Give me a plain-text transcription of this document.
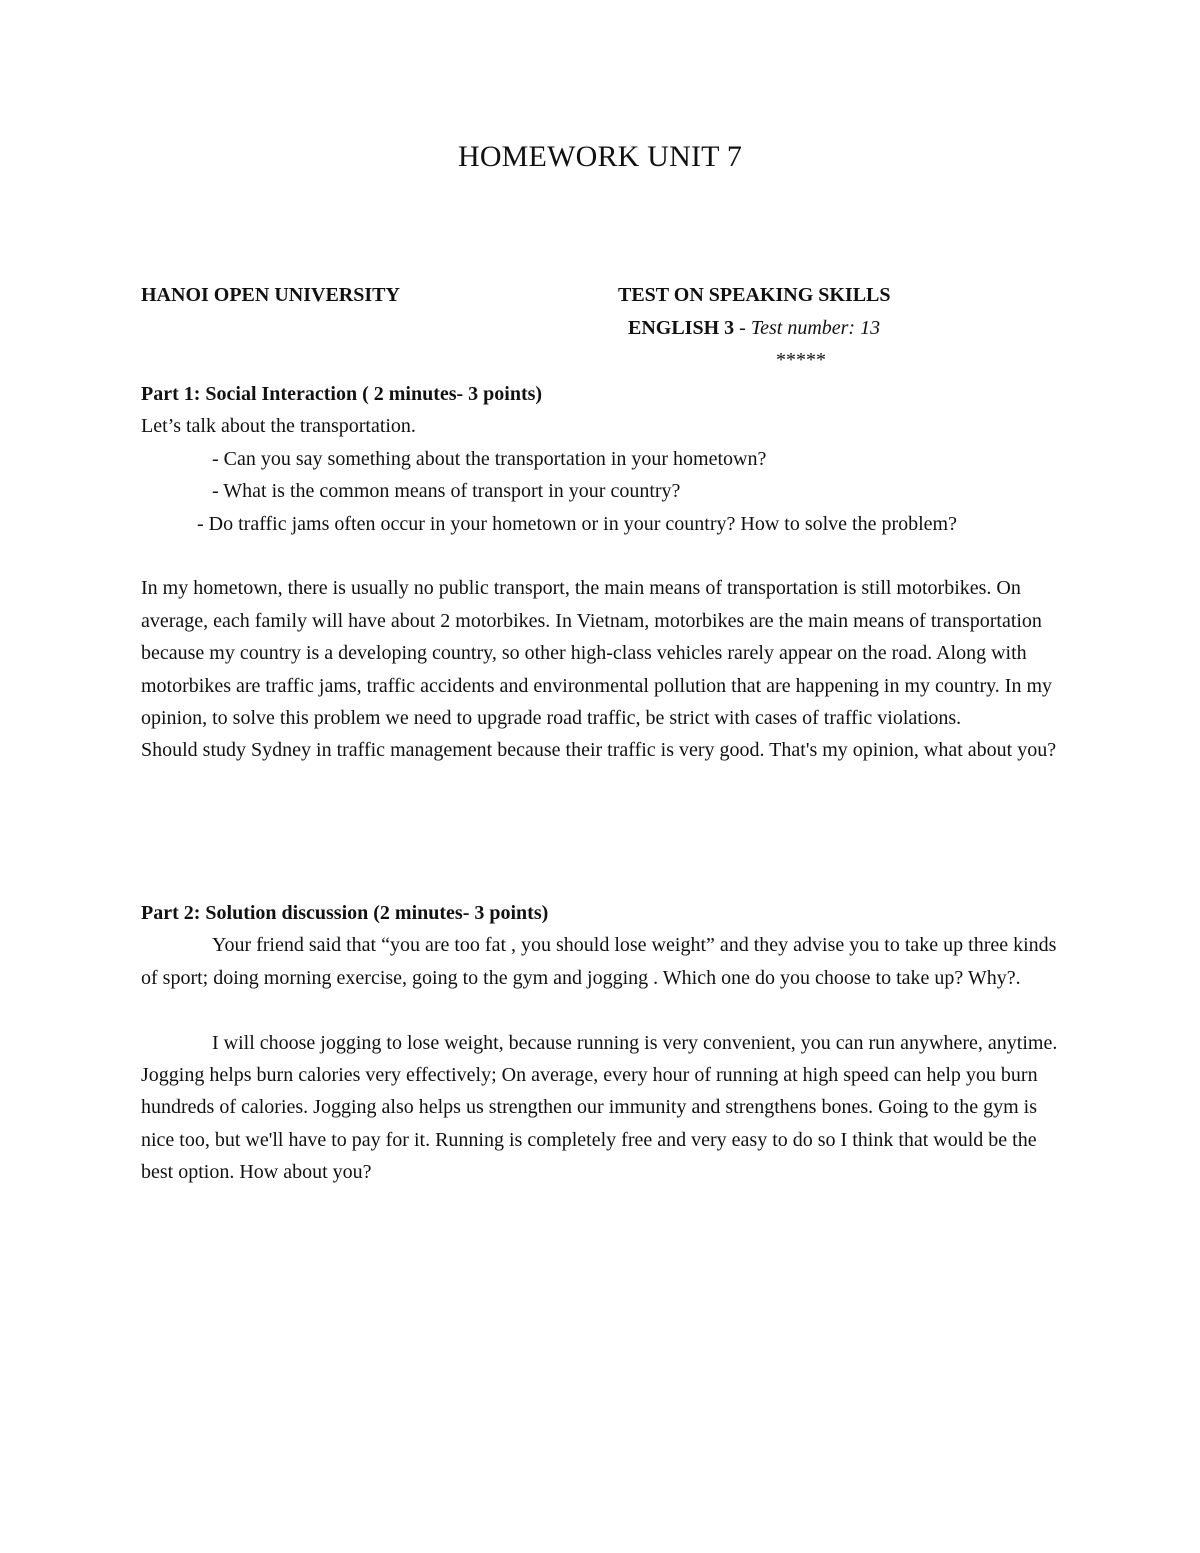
HOMEWORK UNIT 7
HANOI OPEN UNIVERSITY	TEST ON SPEAKING SKILLS
ENGLISH 3 - Test number: 13
*****

Part 1: Social Interaction ( 2 minutes- 3 points)

Let’s talk about the transportation.

- Can you say something about the transportation in your hometown?

- What is the common means of transport in your country?

- Do traffic jams often occur in your hometown or in your country? How to solve the problem?

In my hometown, there is usually no public transport, the main means of transportation is still motorbikes. On average, each family will have about 2 motorbikes. In Vietnam, motorbikes are the main means of transportation because my country is a developing country, so other high-class vehicles rarely appear on the road. Along with motorbikes are traffic jams, traffic accidents and environmental pollution that are happening in my country. In my opinion, to solve this problem we need to upgrade road traffic, be strict with cases of traffic violations.

Should study Sydney in traffic management because their traffic is very good. That's my opinion, what about you?

Part 2: Solution discussion (2 minutes- 3 points)

Your friend said that “you are too fat , you should lose weight” and they advise you to take up three kinds of sport; doing morning exercise, going to the gym and jogging . Which one do you choose to take up? Why?.

I will choose jogging to lose weight, because running is very convenient, you can run anywhere, anytime. Jogging helps burn calories very effectively; On average, every hour of running at high speed can help you burn hundreds of calories. Jogging also helps us strengthen our immunity and strengthens bones. Going to the gym is nice too, but we'll have to pay for it. Running is completely free and very easy to do so I think that would be the best option. How about you?
